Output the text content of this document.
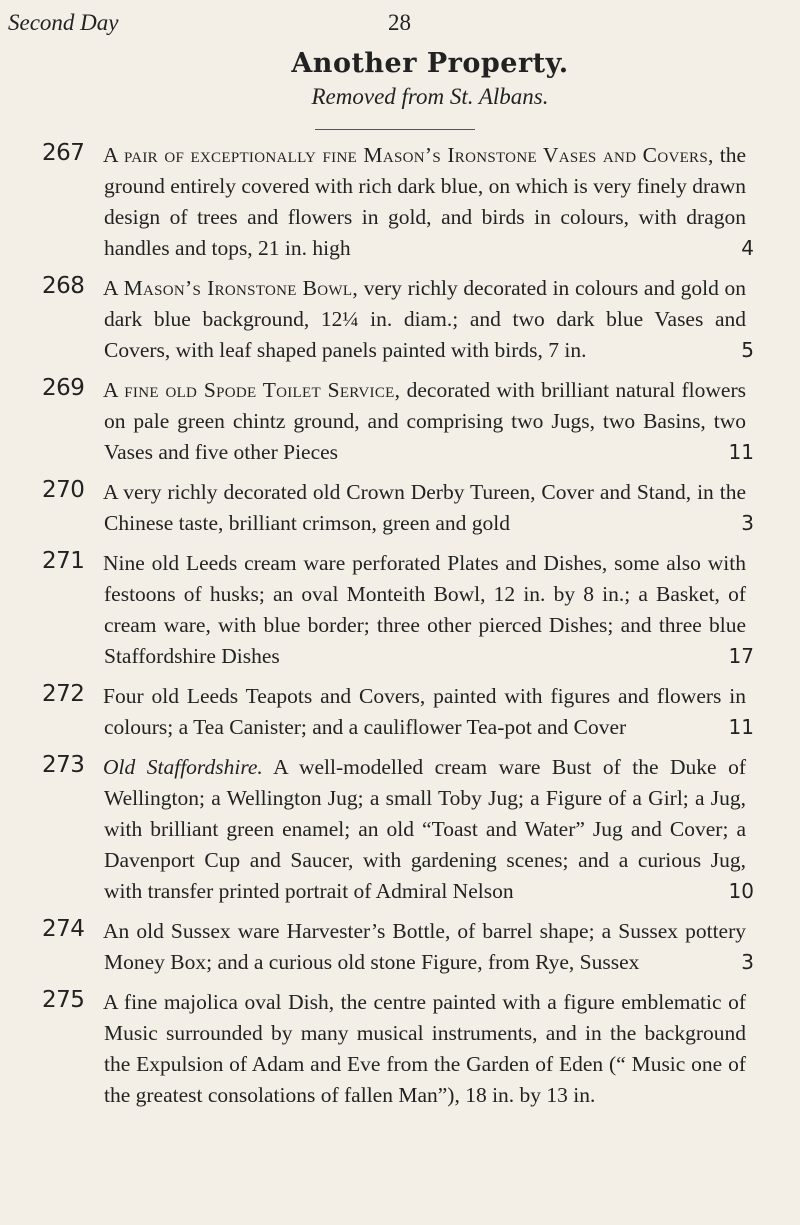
Second Day	28
Another Property.
Removed from St. Albans.
267 A pair of exceptionally fine Mason’s Ironstone Vases and Covers, the ground entirely covered with rich dark blue, on which is very finely drawn design of trees and flowers in gold, and birds in colours, with dragon handles and tops, 21 in. high	4
268 A Mason’s Ironstone Bowl, very richly decorated in colours and gold on dark blue background, 12¼ in. diam.; and two dark blue Vases and Covers, with leaf shaped panels painted with birds, 7 in.	5
269 A fine old Spode Toilet Service, decorated with brilliant natural flowers on pale green chintz ground, and comprising two Jugs, two Basins, two Vases and five other Pieces	11
270 A very richly decorated old Crown Derby Tureen, Cover and Stand, in the Chinese taste, brilliant crimson, green and gold	3
271 Nine old Leeds cream ware perforated Plates and Dishes, some also with festoons of husks; an oval Monteith Bowl, 12 in. by 8 in.; a Basket, of cream ware, with blue border; three other pierced Dishes; and three blue Staffordshire Dishes	17
272 Four old Leeds Teapots and Covers, painted with figures and flowers in colours; a Tea Canister; and a cauliflower Tea-pot and Cover	11
273 Old Staffordshire. A well-modelled cream ware Bust of the Duke of Wellington; a Wellington Jug; a small Toby Jug; a Figure of a Girl; a Jug, with brilliant green enamel; an old “Toast and Water” Jug and Cover; a Davenport Cup and Saucer, with gardening scenes; and a curious Jug, with transfer printed portrait of Admiral Nelson	10
274 An old Sussex ware Harvester’s Bottle, of barrel shape; a Sussex pottery Money Box; and a curious old stone Figure, from Rye, Sussex	3
275 A fine majolica oval Dish, the centre painted with a figure emblematic of Music surrounded by many musical instruments, and in the background the Expulsion of Adam and Eve from the Garden of Eden (“ Music one of the greatest consolations of fallen Man”), 18 in. by 13 in.
